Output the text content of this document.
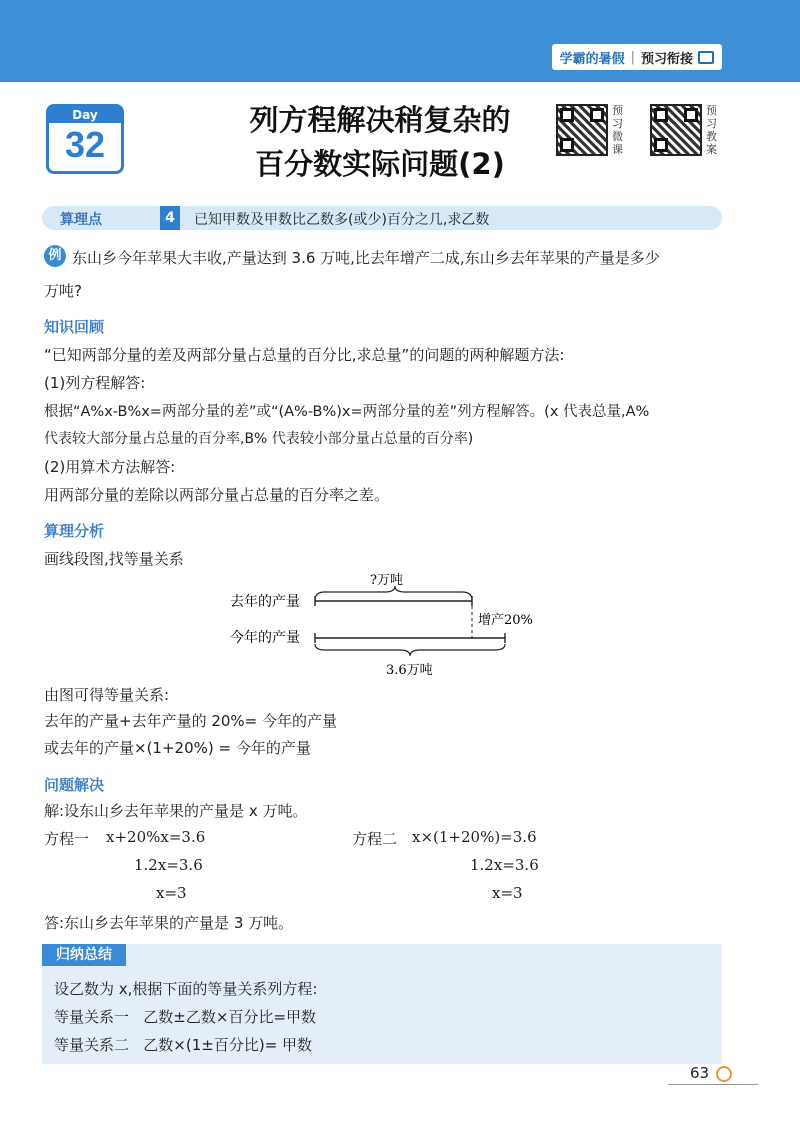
学霸的暑假 | 预习衔接
Day
32
列方程解决稍复杂的
百分数实际问题(2)
预习微课
预习教案
算理点	4	已知甲数及甲数比乙数多(或少)百分之几,求乙数
例 东山乡今年苹果大丰收,产量达到 3.6 万吨,比去年增产二成,东山乡去年苹果的产量是多少
万吨?
知识回顾
“已知两部分量的差及两部分量占总量的百分比,求总量”的问题的两种解题方法:
(1)列方程解答:
根据“A%x-B%x=两部分量的差”或“(A%-B%)x=两部分量的差”列方程解答。(x 代表总量,A%
代表较大部分量占总量的百分率,B% 代表较小部分量占总量的百分率)
(2)用算术方法解答:
用两部分量的差除以两部分量占总量的百分率之差。
算理分析
画线段图,找等量关系
?万吨
去年的产量
增产20%
今年的产量
3.6万吨
由图可得等量关系:
去年的产量+去年产量的 20%= 今年的产量
或去年的产量×(1+20%) = 今年的产量
问题解决
解:设东山乡去年苹果的产量是 x 万吨。
方程一 x+20%x=3.6
1.2x=3.6
x=3
方程二 x×(1+20%)=3.6
1.2x=3.6
x=3
答:东山乡去年苹果的产量是 3 万吨。
归纳总结
设乙数为 x,根据下面的等量关系列方程:
等量关系一   乙数±乙数×百分比=甲数
等量关系二   乙数×(1±百分比)= 甲数
63
